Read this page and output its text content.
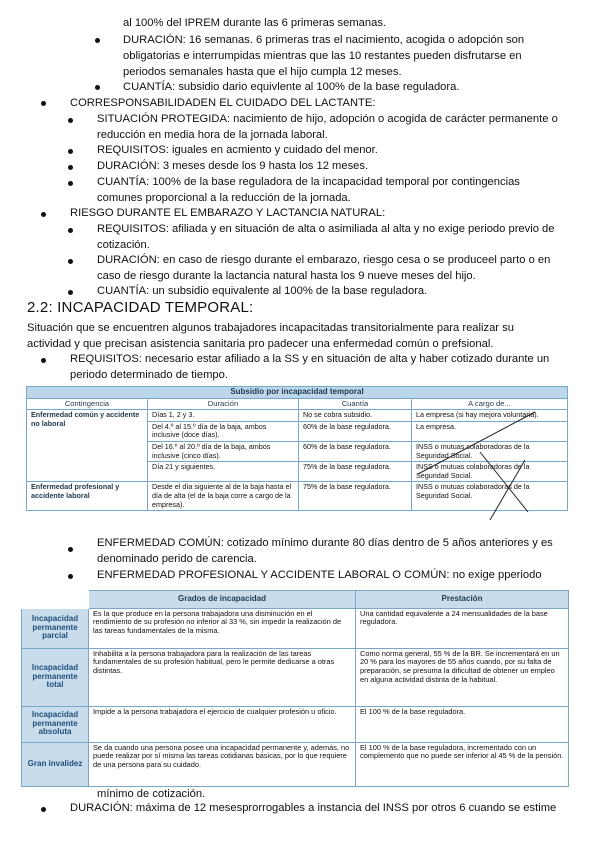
al 100% del IPREM durante las 6 primeras semanas.
DURACIÓN: 16 semanas. 6 primeras tras el nacimiento, acogida o adopción son
obligatorias e interrumpidas mientras que las 10 restantes pueden disfrutarse en
periodos semanales hasta que el hijo cumpla 12 meses.
CUANTÍA: subsidio dario equivlente al 100% de la base reguladora.
CORRESPONSABILIDADEN EL CUIDADO DEL LACTANTE:
SITUACIÓN PROTEGIDA: nacimiento de hijo, adopción o acogida de carácter permanente o
reducción en media hora de la jornada laboral.
REQUISITOS: iguales en acmiento y cuidado del menor.
DURACIÓN: 3 meses desde los 9 hasta los 12 meses.
CUANTÍA: 100% de la base reguladora de la incapacidad temporal por contingencias
comunes proporcional a la reducción de la jornada.
RIESGO DURANTE EL EMBARAZO Y LACTANCIA NATURAL:
REQUISITOS: afiliada y en situación de alta o asimiliada al alta y no exige periodo previo de
cotización.
DURACIÓN: en caso de riesgo durante el embarazo, riesgo cesa o se produceel parto o en
caso de riesgo durante la lactancia natural hasta los 9 nueve meses del hijo.
CUANTÍA: un subsidio equivalente al 100% de la base reguladora.
2.2: INCAPACIDAD TEMPORAL:
Situación que se encuentren algunos trabajadores incapacitadas transitorialmente para realizar su
actividad y que precisan asistencia sanitaria pro padecer una enfermedad común o prefsional.
REQUISITOS: necesario estar afiliado a la SS y en situación de alta y haber cotizado durante un
periodo determinado de tiempo.
Subsidio por incapacidad temporal			
Contingencia	Duración	Cuantía	A cargo de...
Enfermedad común y accidente no laboral	Días 1, 2 y 3.	No se cobra subsidio.	La empresa (si hay mejora voluntaria).
	Del 4.º al 15.º día de la baja, ambos inclusive (doce días).	60% de la base reguladora.	La empresa.
	Del 16.º al 20.º día de la baja, ambos inclusive (cinco días).	60% de la base reguladora.	INSS o mutuas colaboradoras de la Seguridad Social.
	Día 21 y siguientes.	75% de la base reguladora.	INSS o mutuas colaboradoras de la Seguridad Social.
Enfermedad profesional y accidente laboral	Desde el día siguiente al de la baja hasta el día de alta (el de la baja corre a cargo de la empresa).	75% de la base reguladora.	INSS o mutuas colaboradoras de la Seguridad Social.
ENFERMEDAD COMÚN: cotizado mínimo durante 80 días dentro de 5 años anteriores y es
denominado perido de carencia.
ENFERMEDAD PROFESIONAL Y ACCIDENTE LABORAL O COMÚN: no exige pperiodo
	Grados de incapacidad	Prestación
Incapacidad permanente parcial	Es la que produce en la persona trabajadora una disminución en el rendimiento de su profesión no inferior al 33 %, sin impedir la realización de las tareas fundamentales de la misma.	Una cantidad equivalente a 24 mensualidades de la base reguladora.
Incapacidad permanente total	Inhabilita a la persona trabajadora para la realización de las tareas fundamentales de su profesión habitual, pero le permite dedicarse a otras distintas.	Como norma general, 55 % de la BR. Se incrementará en un 20 % para los mayores de 55 años cuando, por su falta de preparación, se presuma la dificultad de obtener un empleo en alguna actividad distinta de la habitual.
Incapacidad permanente absoluta	Impide a la persona trabajadora el ejercicio de cualquier profesión u oficio.	El 100 % de la base reguladora.
Gran invalidez	Se da cuando una persona posee una incapacidad permanente y, además, no puede realizar por sí misma las tareas cotidianas básicas, por lo que requiere de una persona para su cuidado.	El 100 % de la base reguladora, incrementado con un complemento que no puede ser inferior al 45 % de la pensión.
mínimo de cotización.
DURACIÓN: máxima de 12 mesesprorrogables a instancia del INSS por otros 6 cuando se estime
